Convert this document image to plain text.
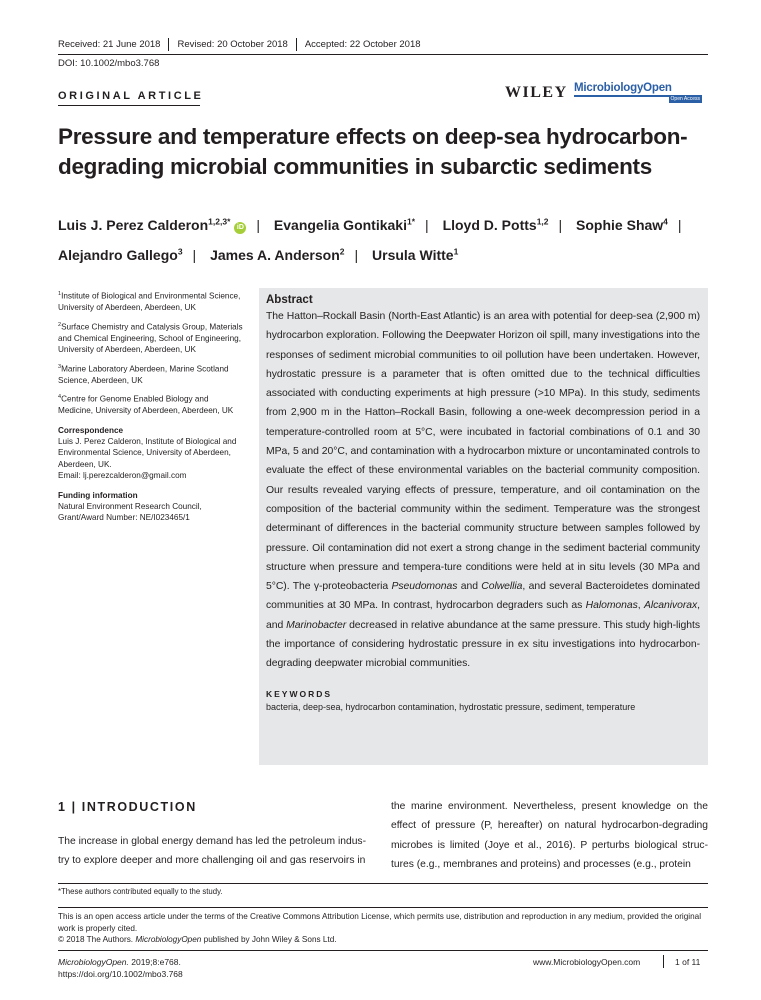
Received: 21 June 2018	Revised: 20 October 2018	Accepted: 22 October 2018
DOI: 10.1002/mbo3.768
ORIGINAL ARTICLE	WILEY MicrobiologyOpen
Open Access
Pressure and temperature effects on deep-sea hydrocarbon-degrading microbial communities in subarctic sediments
Luis J. Perez Calderon$^{1,2,3*}$iD | Evangelia Gontikaki$^{1*}$ | Lloyd D. Potts$^{1,2}$ | Sophie Shaw$^4$ | Alejandro Gallego$^3$ | James A. Anderson$^2$ | Ursula Witte$^1$
$^1$Institute of Biological and Environmental Science, University of Aberdeen, Aberdeen, UK
$^2$Surface Chemistry and Catalysis Group, Materials and Chemical Engineering, School of Engineering, University of Aberdeen, Aberdeen, UK
$^3$Marine Laboratory Aberdeen, Marine Scotland Science, Aberdeen, UK
$^4$Centre for Genome Enabled Biology and Medicine, University of Aberdeen, Aberdeen, UK
Correspondence
Luis J. Perez Calderon, Institute of Biological and Environmental Science, University of Aberdeen, Aberdeen, UK.
Email: lj.perezcalderon@gmail.com
Funding information
Natural Environment Research Council, Grant/Award Number: NE/I023465/1
Abstract

The Hatton–Rockall Basin (North-East Atlantic) is an area with potential for deep-sea (2,900 m) hydrocarbon exploration. Following the Deepwater Horizon oil spill, many investigations into the responses of sediment microbial communities to oil pollution have been undertaken. However, hydrostatic pressure is a parameter that is often omitted due to the technical difficulties associated with conducting experiments at high pressure (>10 MPa). In this study, sediments from 2,900 m in the Hatton–Rockall Basin, following a one-week decompression period in a temperature-controlled room at 5°C, were incubated in factorial combinations of 0.1 and 30 MPa, 5 and 20°C, and contamination with a hydrocarbon mixture or uncontaminated controls to evaluate the effect of these environmental variables on the bacterial community composition. Our results revealed varying effects of pressure, temperature, and oil contamination on the composition of the bacterial community within the sediment. Temperature was the strongest determinant of differences in the bacterial community structure between samples followed by pressure. Oil contamination did not exert a strong change in the sediment bacterial community structure when pressure and tempera-ture conditions were held at in situ levels (30 MPa and 5°C). The γ-proteobacteria Pseudomonas and Colwellia, and several Bacteroidetes dominated communities at 30 MPa. In contrast, hydrocarbon degraders such as Halomonas, Alcanivorax, and Marinobacter decreased in relative abundance at the same pressure. This study high-lights the importance of considering hydrostatic pressure in ex situ investigations into hydrocarbon-degrading deepwater microbial communities.

KEYWORDS
bacteria, deep-sea, hydrocarbon contamination, hydrostatic pressure, sediment, temperature
1 | INTRODUCTION
The increase in global energy demand has led the petroleum indus-try to explore deeper and more challenging oil and gas reservoirs in
the marine environment. Nevertheless, present knowledge on the effect of pressure (P, hereafter) on natural hydrocarbon-degrading microbes is limited (Joye et al., 2016). P perturbs biological struc-tures (e.g., membranes and proteins) and processes (e.g., protein
*These authors contributed equally to the study.
This is an open access article under the terms of the Creative Commons Attribution License, which permits use, distribution and reproduction in any medium, provided the original work is properly cited.
© 2018 The Authors. MicrobiologyOpen published by John Wiley & Sons Ltd.
MicrobiologyOpen. 2019;8:e768.
https://doi.org/10.1002/mbo3.768
www.MicrobiologyOpen.com	1 of 11
